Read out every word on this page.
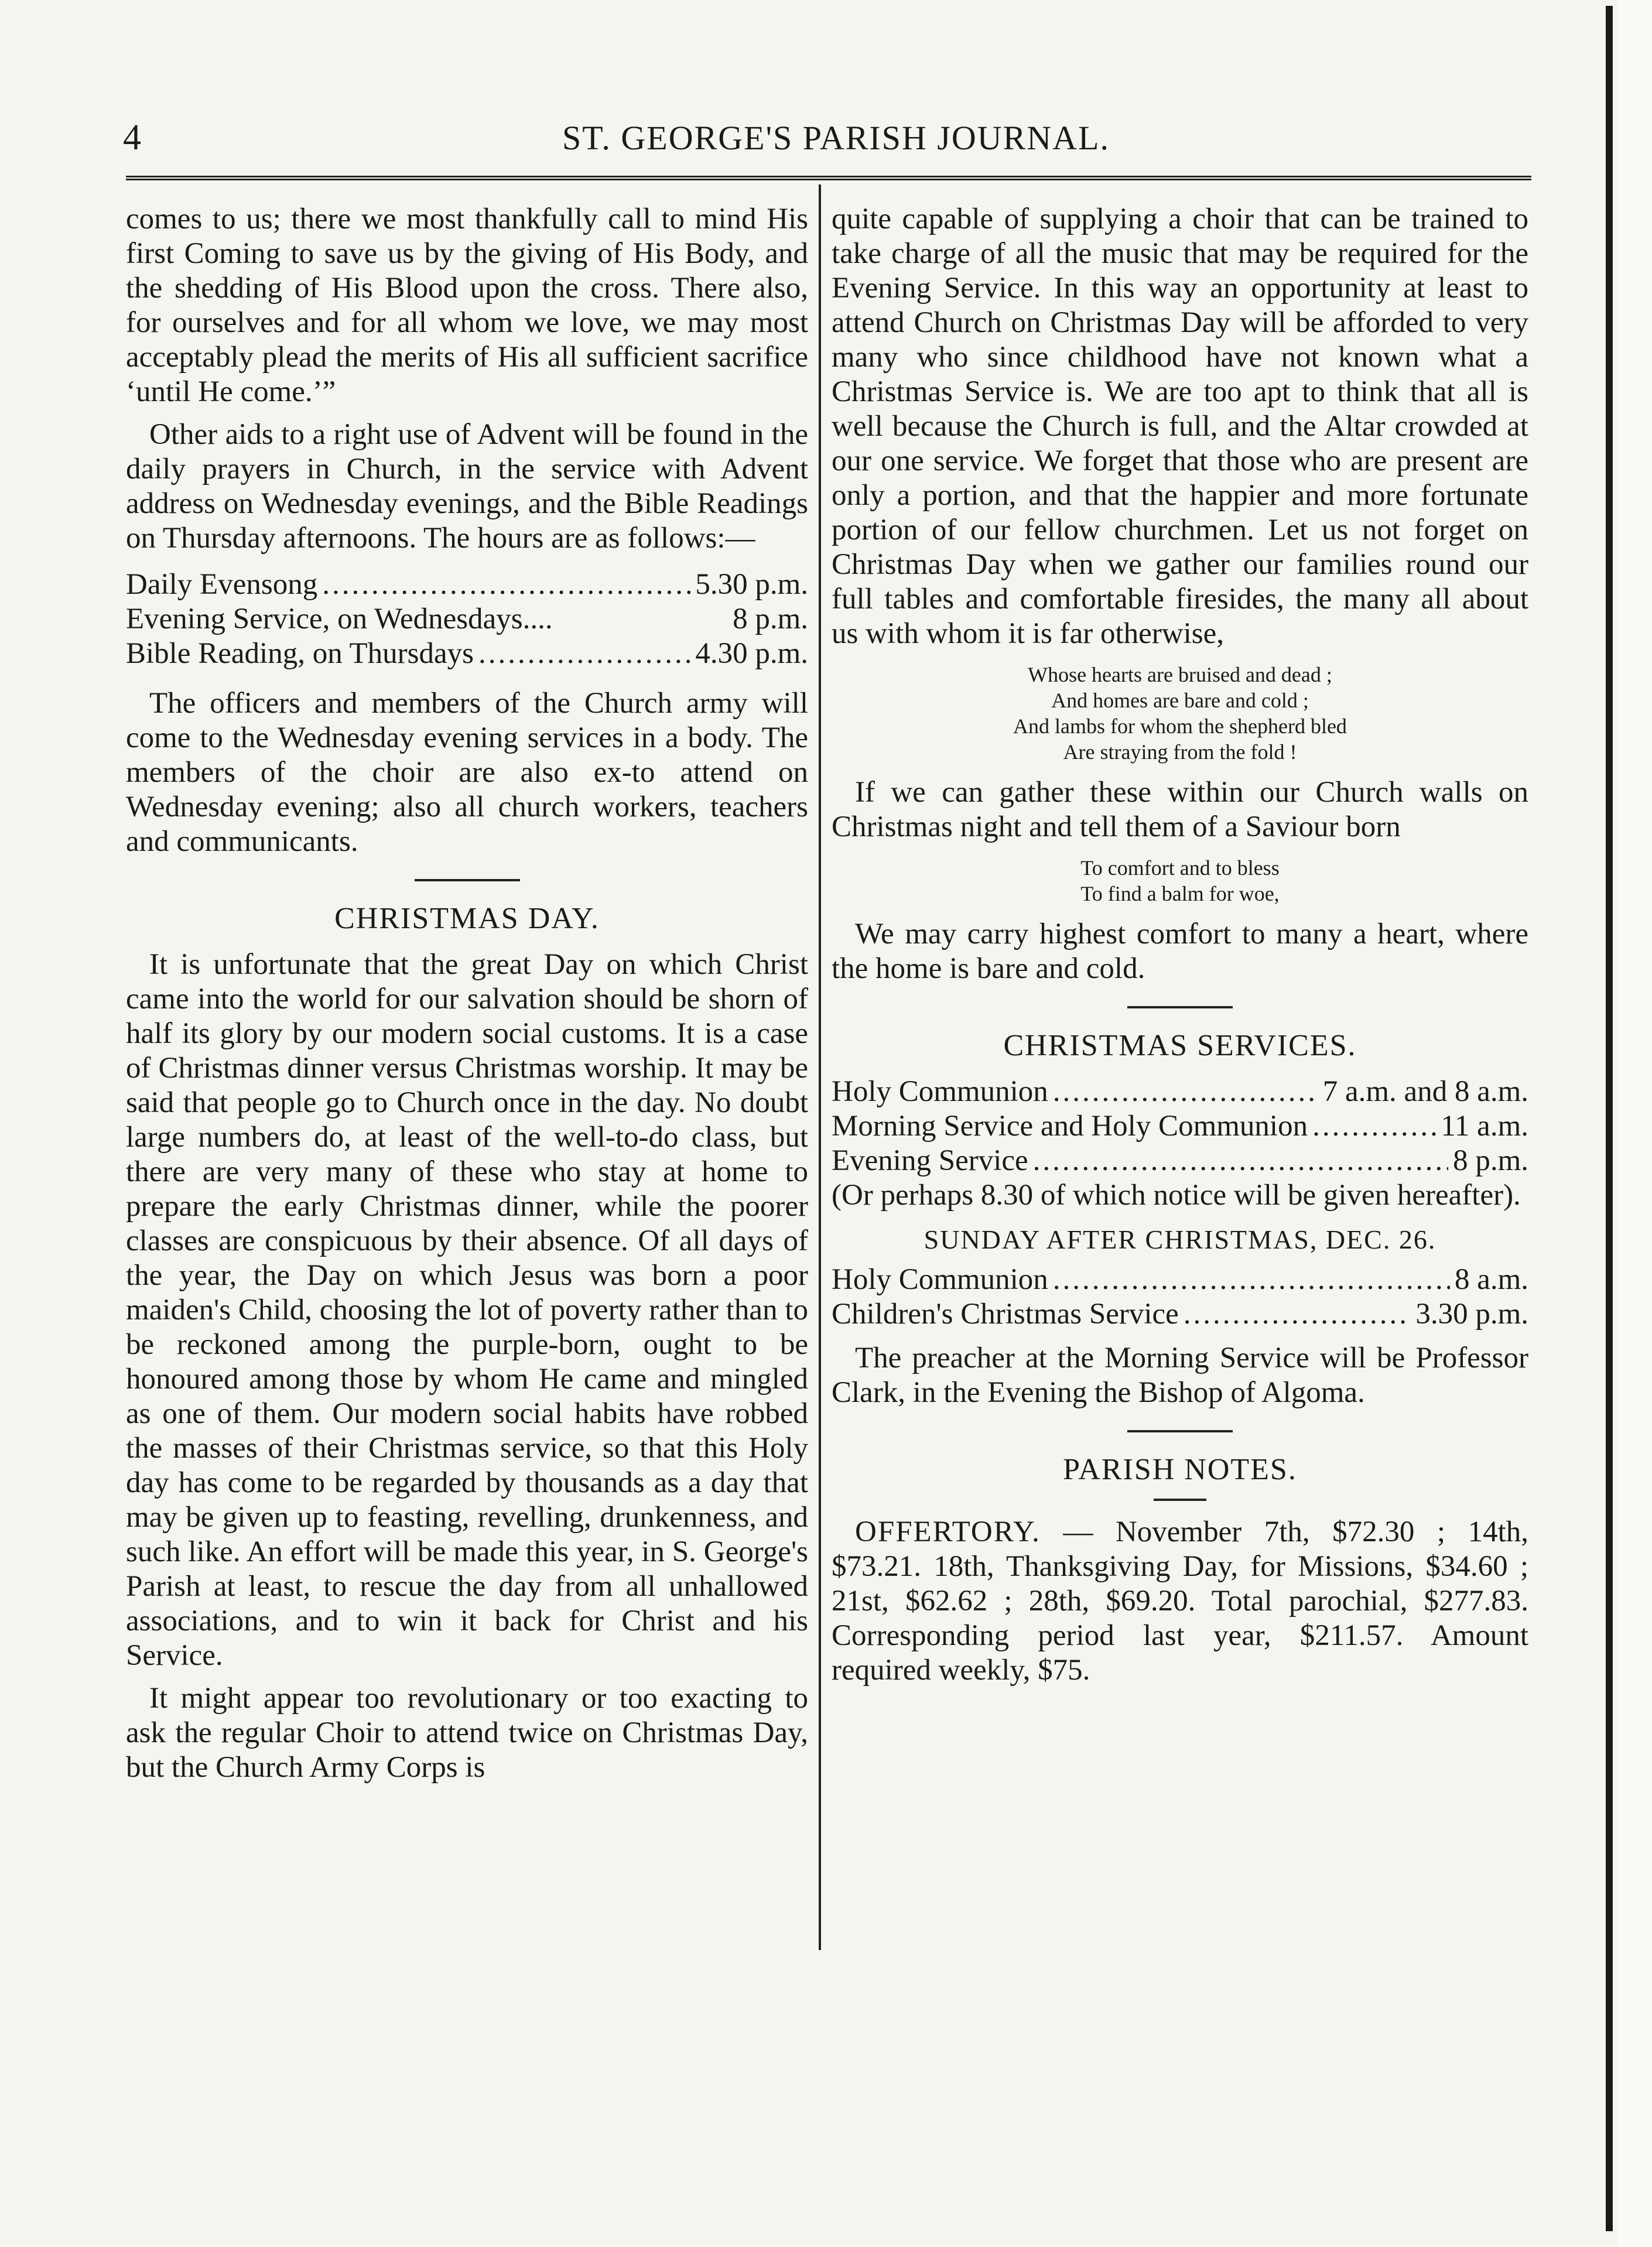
4	ST. GEORGE'S PARISH JOURNAL.

comes to us; there we most thankfully call to mind His first Coming to save us by the giving of His Body, and the shedding of His Blood upon the cross. There also, for ourselves and for all whom we love, we may most acceptably plead the merits of His all sufficient sacrifice ‘until He come.’”

Other aids to a right use of Advent will be found in the daily prayers in Church, in the service with Advent address on Wednesday evenings, and the Bible Readings on Thursday afternoons. The hours are as follows:—

Daily Evensong .....	5.30 p.m.
Evening Service, on Wednesdays....	8 p.m.
Bible Reading, on Thursdays .....	4.30 p.m.

The officers and members of the Church army will come to the Wednesday evening services in a body. The members of the choir are also ex-to attend on Wednesday evening; also all church workers, teachers and communicants.

CHRISTMAS DAY.

It is unfortunate that the great Day on which Christ came into the world for our salvation should be shorn of half its glory by our modern social customs. It is a case of Christmas dinner versus Christmas worship. It may be said that people go to Church once in the day. No doubt large numbers do, at least of the well-to-do class, but there are very many of these who stay at home to prepare the early Christmas dinner, while the poorer classes are conspicuous by their absence. Of all days of the year, the Day on which Jesus was born a poor maiden's Child, choosing the lot of poverty rather than to be reckoned among the purple-born, ought to be honoured among those by whom He came and mingled as one of them. Our modern social habits have robbed the masses of their Christmas service, so that this Holy day has come to be regarded by thousands as a day that may be given up to feasting, revelling, drunkenness, and such like. An effort will be made this year, in S. George's Parish at least, to rescue the day from all unhallowed associations, and to win it back for Christ and his Service.

It might appear too revolutionary or too exacting to ask the regular Choir to attend twice on Christmas Day, but the Church Army Corps is

quite capable of supplying a choir that can be trained to take charge of all the music that may be required for the Evening Service. In this way an opportunity at least to attend Church on Christmas Day will be afforded to very many who since childhood have not known what a Christmas Service is. We are too apt to think that all is well because the Church is full, and the Altar crowded at our one service. We forget that those who are present are only a portion, and that the happier and more fortunate portion of our fellow churchmen. Let us not forget on Christmas Day when we gather our families round our full tables and comfortable firesides, the many all about us with whom it is far otherwise,

Whose hearts are bruised and dead ;
And homes are bare and cold ;
And lambs for whom the shepherd bled
Are straying from the fold !

If we can gather these within our Church walls on Christmas night and tell them of a Saviour born

To comfort and to bless
To find a balm for woe,

We may carry highest comfort to many a heart, where the home is bare and cold.

CHRISTMAS SERVICES.
Holy Communion .....	7 a.m. and 8 a.m.
Morning Service and Holy Communion .....	11 a.m.
Evening Service .....	8 p.m.

(Or perhaps 8.30 of which notice will be given hereafter).

SUNDAY AFTER CHRISTMAS, DEC. 26.
Holy Communion .....	8 a.m.
Children's Christmas Service .....	3.30 p.m.

The preacher at the Morning Service will be Professor Clark, in the Evening the Bishop of Algoma.

PARISH NOTES.

OFFERTORY. — November 7th, $72.30 ; 14th, $73.21. 18th, Thanksgiving Day, for Missions, $34.60 ; 21st, $62.62 ; 28th, $69.20. Total parochial, $277.83. Corresponding period last year, $211.57. Amount required weekly, $75.
